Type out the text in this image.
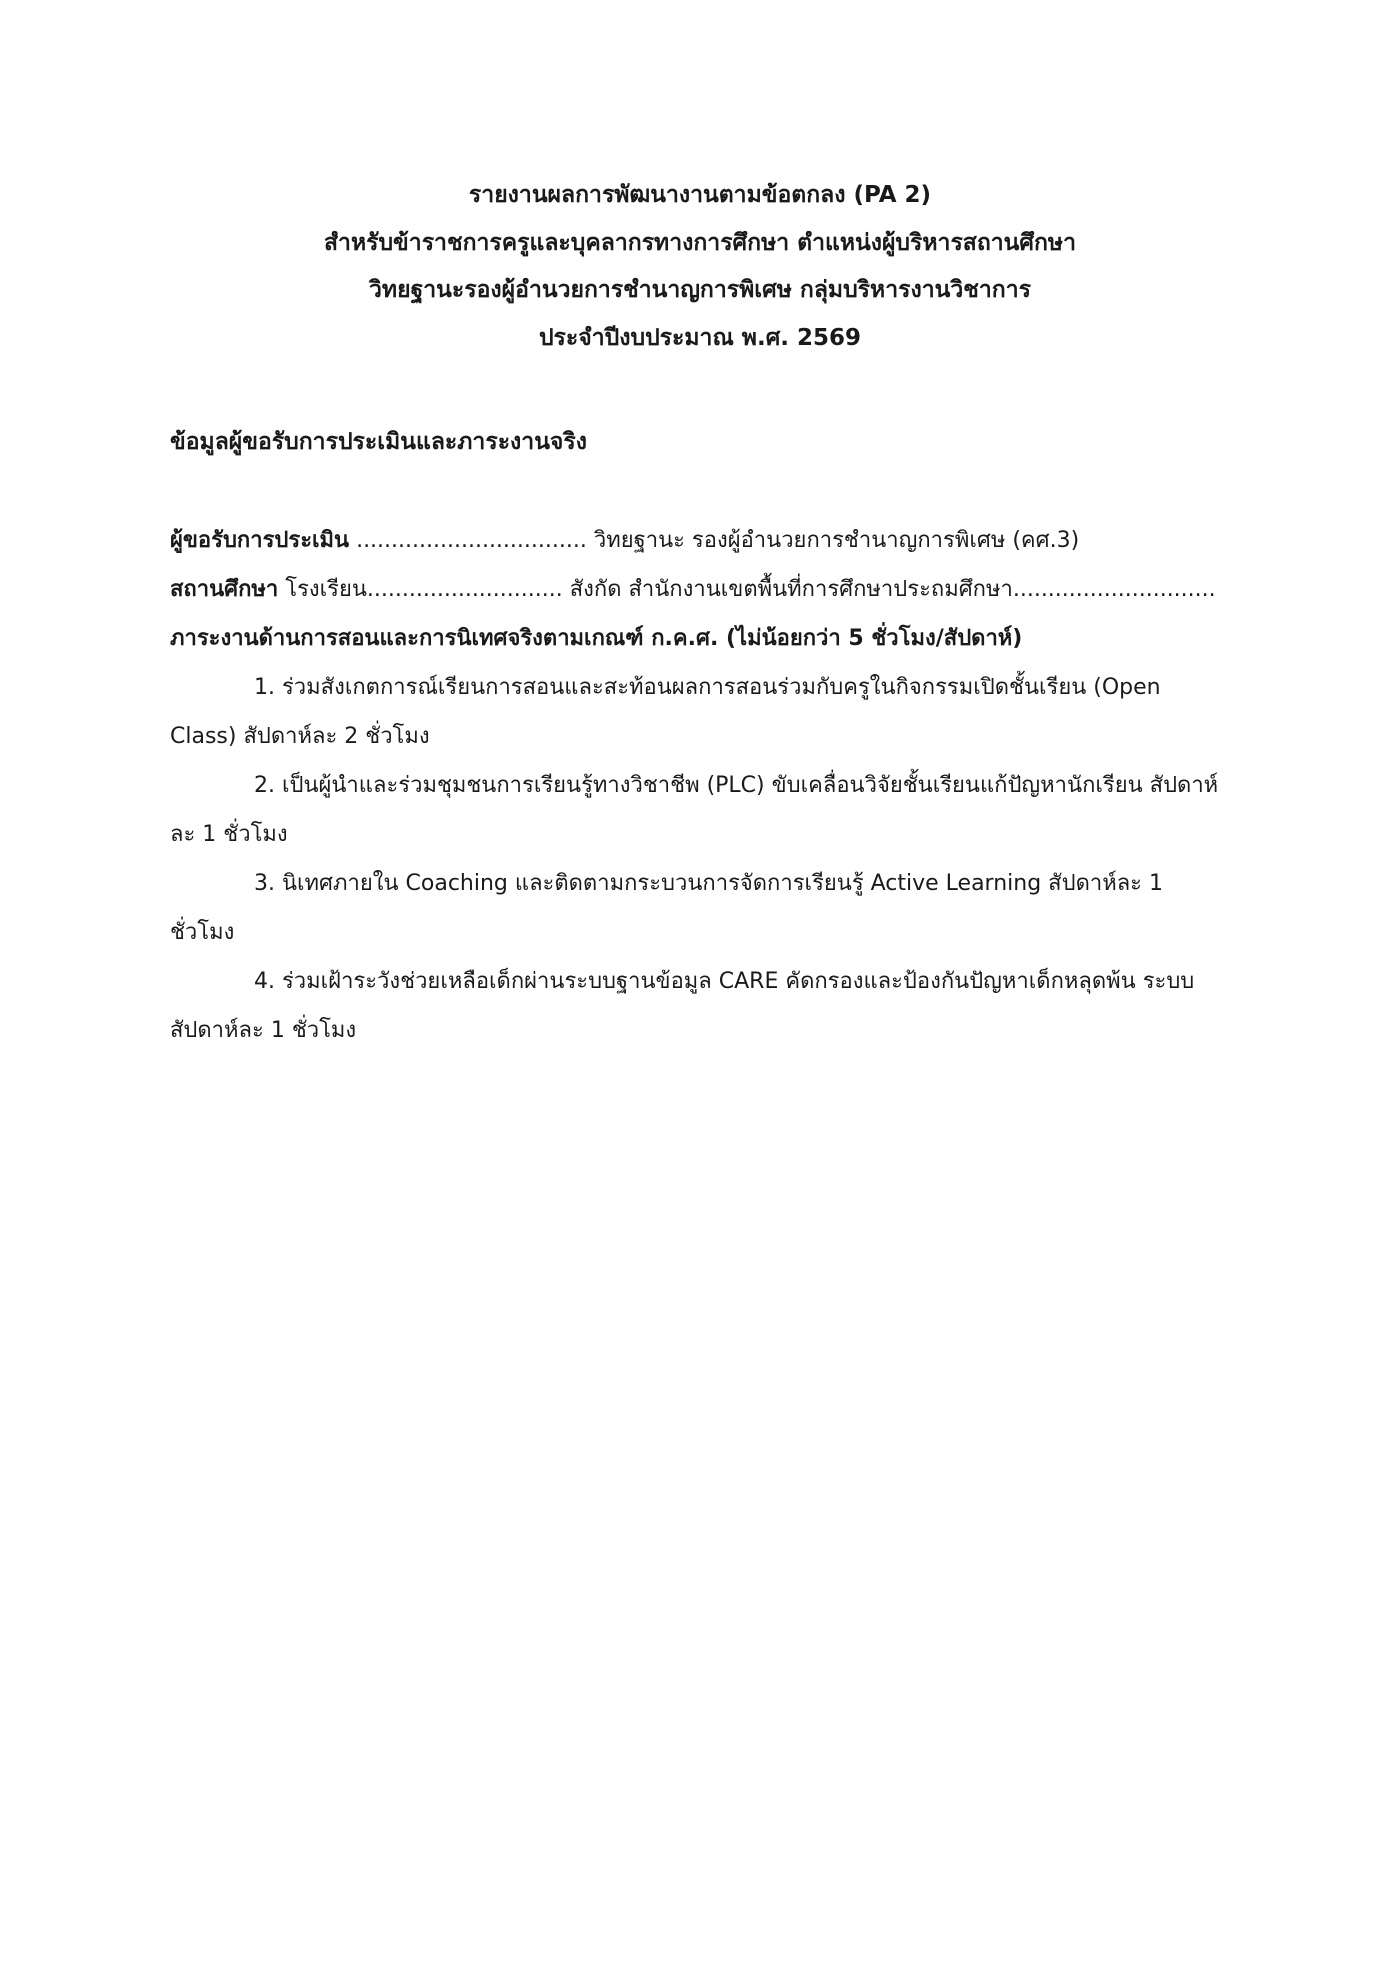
รายงานผลการพัฒนางานตามข้อตกลง (PA 2)
สำหรับข้าราชการครูและบุคลากรทางการศึกษา ตำแหน่งผู้บริหารสถานศึกษา
วิทยฐานะรองผู้อำนวยการชำนาญการพิเศษ กลุ่มบริหารงานวิชาการ
ประจำปีงบประมาณ พ.ศ. 2569
ข้อมูลผู้ขอรับการประเมินและภาระงานจริง
ผู้ขอรับการประเมิน ................................. วิทยฐานะ รองผู้อำนวยการชำนาญการพิเศษ (คศ.3)
สถานศึกษา โรงเรียน............................ สังกัด สำนักงานเขตพื้นที่การศึกษาประถมศึกษา.............................
ภาระงานด้านการสอนและการนิเทศจริงตามเกณฑ์ ก.ค.ศ. (ไม่น้อยกว่า 5 ชั่วโมง/สัปดาห์)
1. ร่วมสังเกตการณ์เรียนการสอนและสะท้อนผลการสอนร่วมกับครูในกิจกรรมเปิดชั้นเรียน (Open Class) สัปดาห์ละ 2 ชั่วโมง
2. เป็นผู้นำและร่วมชุมชนการเรียนรู้ทางวิชาชีพ (PLC) ขับเคลื่อนวิจัยชั้นเรียนแก้ปัญหานักเรียน สัปดาห์ละ 1 ชั่วโมง
3. นิเทศภายใน Coaching และติดตามกระบวนการจัดการเรียนรู้ Active Learning สัปดาห์ละ 1 ชั่วโมง
4. ร่วมเฝ้าระวังช่วยเหลือเด็กผ่านระบบฐานข้อมูล CARE คัดกรองและป้องกันปัญหาเด็กหลุดพ้น ระบบ สัปดาห์ละ 1 ชั่วโมง
